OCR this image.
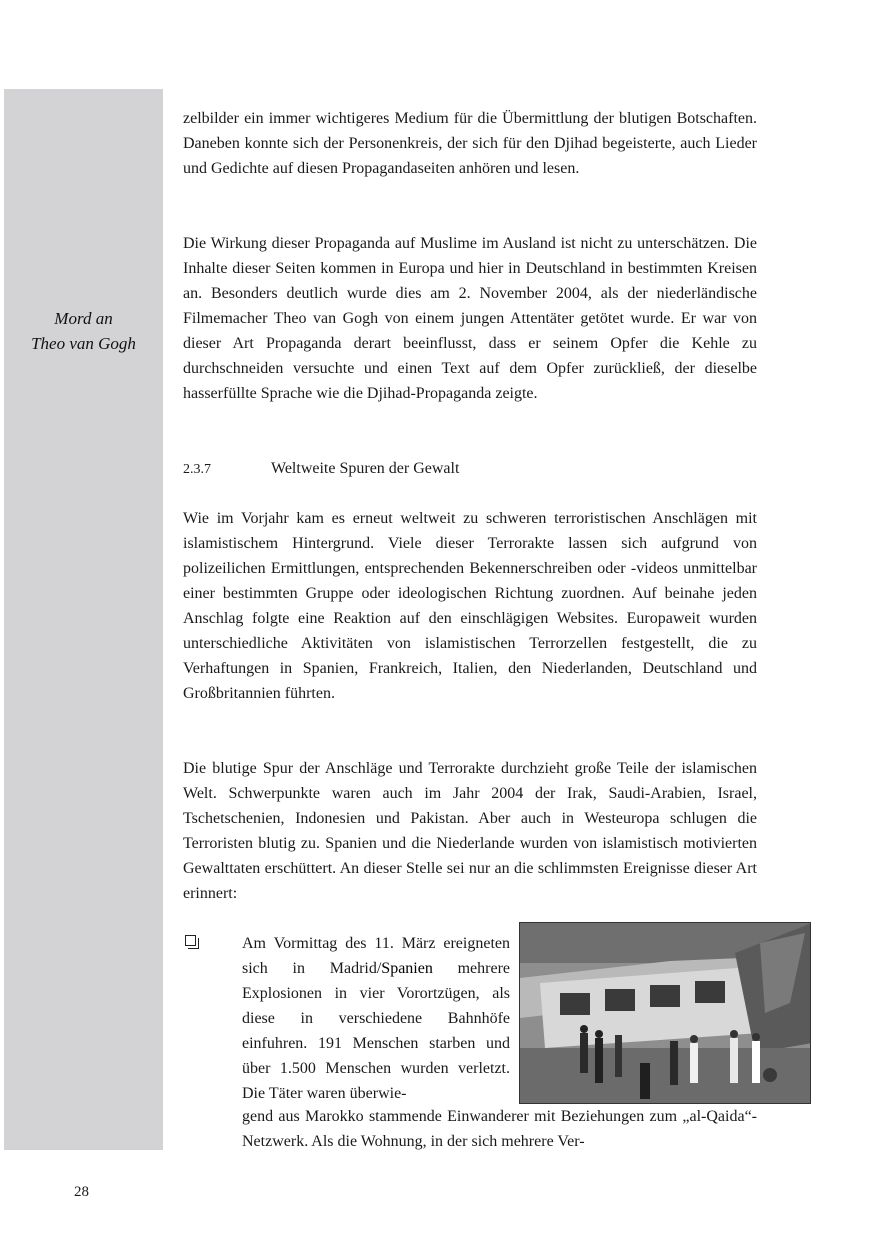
Mord an
Theo van Gogh

zelbilder ein immer wichtigeres Medium für die Übermittlung der blutigen Botschaften. Daneben konnte sich der Personenkreis, der sich für den Djihad begeisterte, auch Lieder und Gedichte auf diesen Propagandaseiten anhören und lesen.

Die Wirkung dieser Propaganda auf Muslime im Ausland ist nicht zu unterschätzen. Die Inhalte dieser Seiten kommen in Europa und hier in Deutschland in bestimmten Kreisen an. Besonders deutlich wurde dies am 2. November 2004, als der niederländische Filmemacher Theo van Gogh von einem jungen Attentäter getötet wurde. Er war von dieser Art Propaganda derart beeinflusst, dass er seinem Opfer die Kehle zu durchschneiden versuchte und einen Text auf dem Opfer zurückließ, der dieselbe hasserfüllte Sprache wie die Djihad-Propaganda zeigte.

2.3.7	Weltweite Spuren der Gewalt

Wie im Vorjahr kam es erneut weltweit zu schweren terroristischen Anschlägen mit islamistischem Hintergrund. Viele dieser Terrorakte lassen sich aufgrund von polizeilichen Ermittlungen, entsprechenden Bekennerschreiben oder -videos unmittelbar einer bestimmten Gruppe oder ideologischen Richtung zuordnen. Auf beinahe jeden Anschlag folgte eine Reaktion auf den einschlägigen Websites. Europaweit wurden unterschiedliche Aktivitäten von islamistischen Terrorzellen festgestellt, die zu Verhaftungen in Spanien, Frankreich, Italien, den Niederlanden, Deutschland und Großbritannien führten.

Die blutige Spur der Anschläge und Terrorakte durchzieht große Teile der islamischen Welt. Schwerpunkte waren auch im Jahr 2004 der Irak, Saudi-Arabien, Israel, Tschetschenien, Indonesien und Pakistan. Aber auch in Westeuropa schlugen die Terroristen blutig zu. Spanien und die Niederlande wurden von islamistisch motivierten Gewalttaten erschüttert. An dieser Stelle sei nur an die schlimmsten Ereignisse dieser Art erinnert:

Am Vormittag des 11. März ereigneten sich in Madrid/Spanien mehrere Explosionen in vier Vorortzügen, als diese in verschiedene Bahnhöfe einfuhren. 191 Menschen starben und über 1.500 Menschen wurden verletzt. Die Täter waren überwie-
gend aus Marokko stammende Einwanderer mit Beziehungen zum „al-Qaida“-Netzwerk. Als die Wohnung, in der sich mehrere Ver-
28
